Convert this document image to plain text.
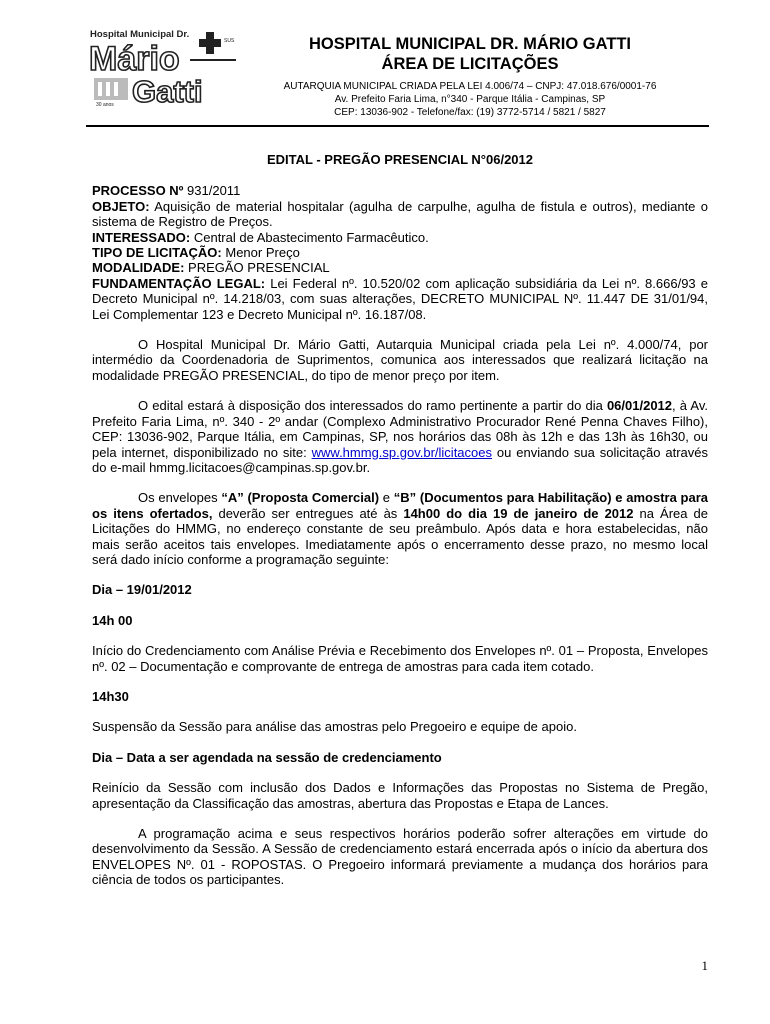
Hospital Municipal Dr.
SUS
Mário
30 anos Gatti
HOSPITAL MUNICIPAL DR. MÁRIO GATTI
ÁREA DE LICITAÇÕES
AUTARQUIA MUNICIPAL CRIADA PELA LEI 4.006/74 – CNPJ: 47.018.676/0001-76
Av. Prefeito Faria Lima, n°340 - Parque Itália - Campinas, SP
CEP: 13036-902 - Telefone/fax: (19) 3772-5714 / 5821 / 5827
EDITAL - PREGÃO PRESENCIAL N°06/2012
PROCESSO Nº 931/2011
OBJETO: Aquisição de material hospitalar (agulha de carpulhe, agulha de fistula e outros), mediante o sistema de Registro de Preços.
INTERESSADO: Central de Abastecimento Farmacêutico.
TIPO DE LICITAÇÃO: Menor Preço
MODALIDADE: PREGÃO PRESENCIAL
FUNDAMENTAÇÃO LEGAL: Lei Federal nº. 10.520/02 com aplicação subsidiária da Lei nº. 8.666/93 e Decreto Municipal nº. 14.218/03, com suas alterações, DECRETO MUNICIPAL Nº. 11.447 DE 31/01/94, Lei Complementar 123 e Decreto Municipal nº. 16.187/08.
O Hospital Municipal Dr. Mário Gatti, Autarquia Municipal criada pela Lei nº. 4.000/74, por intermédio da Coordenadoria de Suprimentos, comunica aos interessados que realizará licitação na modalidade PREGÃO PRESENCIAL, do tipo de menor preço por item.
O edital estará à disposição dos interessados do ramo pertinente a partir do dia 06/01/2012, à Av. Prefeito Faria Lima, nº. 340 - 2º andar (Complexo Administrativo Procurador René Penna Chaves Filho), CEP: 13036-902, Parque Itália, em Campinas, SP, nos horários das 08h às 12h e das 13h às 16h30, ou pela internet, disponibilizado no site: www.hmmg.sp.gov.br/licitacoes ou enviando sua solicitação através do e-mail hmmg.licitacoes@campinas.sp.gov.br.
Os envelopes “A” (Proposta Comercial) e “B” (Documentos para Habilitação) e amostra para os itens ofertados, deverão ser entregues até às 14h00 do dia 19 de janeiro de 2012 na Área de Licitações do HMMG, no endereço constante de seu preâmbulo. Após data e hora estabelecidas, não mais serão aceitos tais envelopes. Imediatamente após o encerramento desse prazo, no mesmo local será dado início conforme a programação seguinte:
Dia – 19/01/2012
14h 00
Início do Credenciamento com Análise Prévia e Recebimento dos Envelopes nº. 01 – Proposta, Envelopes nº. 02 – Documentação e comprovante de entrega de amostras para cada item cotado.
14h30
Suspensão da Sessão para análise das amostras pelo Pregoeiro e equipe de apoio.
Dia – Data a ser agendada na sessão de credenciamento
Reinício da Sessão com inclusão dos Dados e Informações das Propostas no Sistema de Pregão, apresentação da Classificação das amostras, abertura das Propostas e Etapa de Lances.
A programação acima e seus respectivos horários poderão sofrer alterações em virtude do desenvolvimento da Sessão. A Sessão de credenciamento estará encerrada após o início da abertura dos ENVELOPES Nº. 01 - ROPOSTAS. O Pregoeiro informará previamente a mudança dos horários para ciência de todos os participantes.
1
